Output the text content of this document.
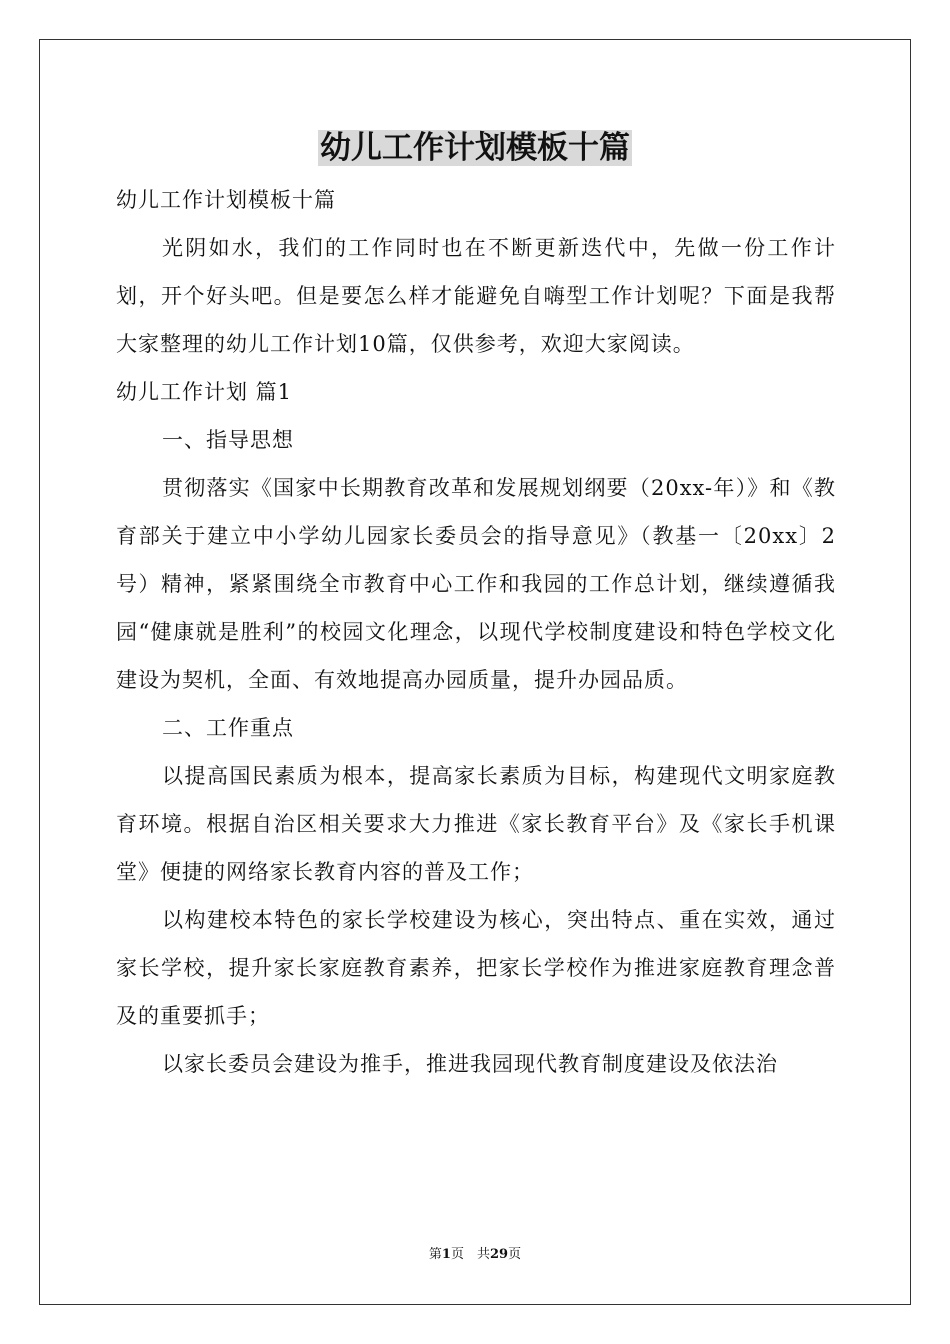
幼儿工作计划模板十篇

幼儿工作计划模板十篇

光阴如水，我们的工作同时也在不断更新迭代中，先做一份工作计划，开个好头吧。但是要怎么样才能避免自嗨型工作计划呢？下面是我帮大家整理的幼儿工作计划10篇，仅供参考，欢迎大家阅读。

幼儿工作计划 篇1

一、指导思想

贯彻落实《国家中长期教育改革和发展规划纲要（20xx-年）》和《教育部关于建立中小学幼儿园家长委员会的指导意见》（教基一〔20xx〕2号）精神，紧紧围绕全市教育中心工作和我园的工作总计划，继续遵循我园“健康就是胜利”的校园文化理念，以现代学校制度建设和特色学校文化建设为契机，全面、有效地提高办园质量，提升办园品质。

二、工作重点

以提高国民素质为根本，提高家长素质为目标，构建现代文明家庭教育环境。根据自治区相关要求大力推进《家长教育平台》及《家长手机课堂》便捷的网络家长教育内容的普及工作；

以构建校本特色的家长学校建设为核心，突出特点、重在实效，通过家长学校，提升家长家庭教育素养，把家长学校作为推进家庭教育理念普及的重要抓手；

以家长委员会建设为推手，推进我园现代教育制度建设及依法治

第1页　共29页
